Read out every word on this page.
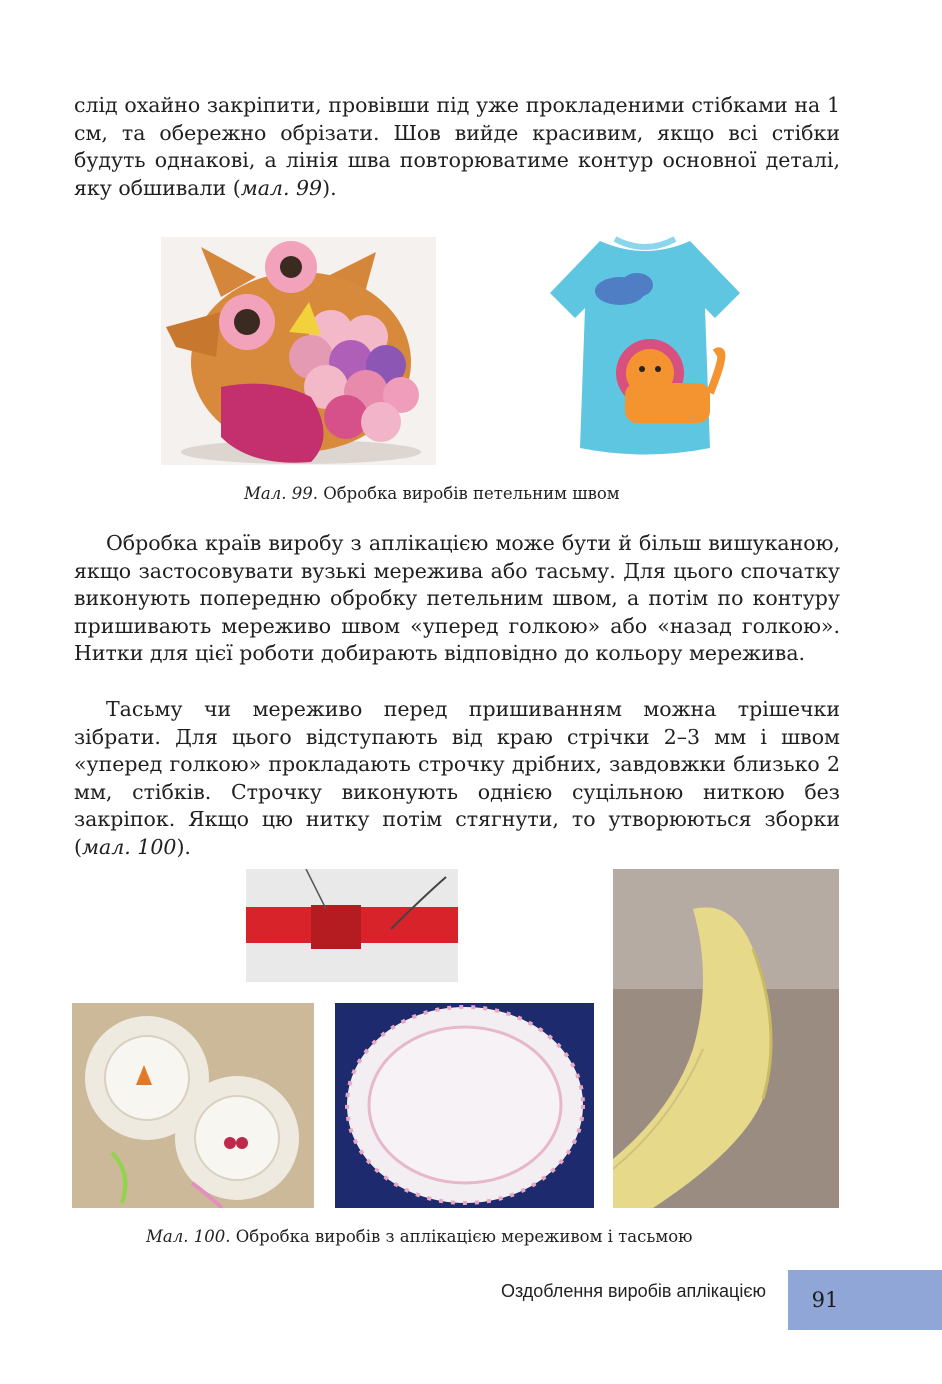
слід охайно закріпити, провівши під уже прокладеними стібками на 1 см, та обережно обрізати. Шов вийде красивим, якщо всі стібки будуть однакові, а лінія шва повторюватиме контур основної деталі, яку обшивали (мал. 99).

Мал. 99. Обробка виробів петельним швом

Обробка країв виробу з аплікацією може бути й більш вишуканою, якщо застосовувати вузькі мережива або тасьму. Для цього спочатку виконують попередню обробку петельним швом, а потім по контуру пришивають мереживо швом «уперед голкою» або «назад голкою». Нитки для цієї роботи добирають відповідно до кольору мережива.

Тасьму чи мереживо перед пришиванням можна трішечки зібрати. Для цього відступають від краю стрічки 2–3 мм і швом «уперед голкою» прокладають строчку дрібних, завдовжки близько 2 мм, стібків. Строчку виконують однією суцільною ниткою без закріпок. Якщо цю нитку потім стягнути, то утворюються зборки (мал. 100).

Мал. 100. Обробка виробів з аплікацією мереживом і тасьмою
Оздоблення виробів аплікацією	91
